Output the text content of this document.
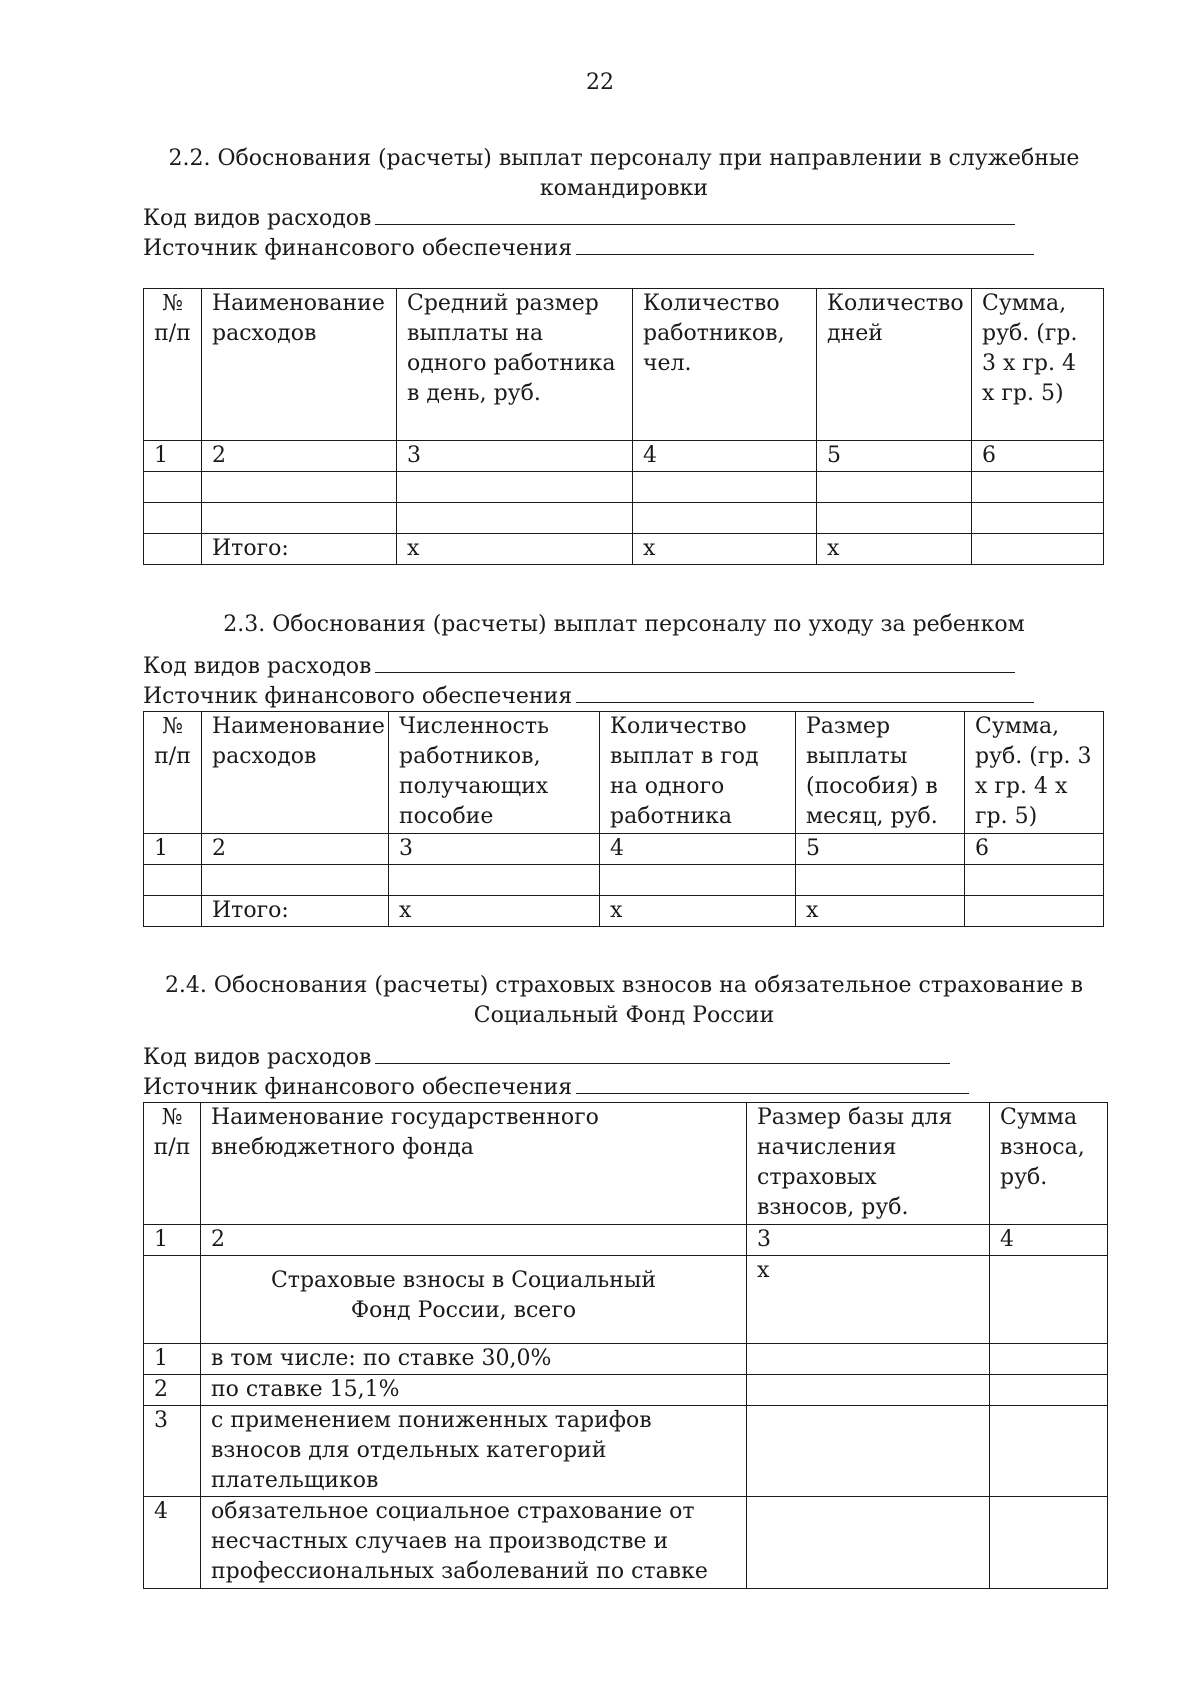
22
2.2. Обоснования (расчеты) выплат персоналу при направлении в служебные
командировки
Код видов расходов
Источник финансового обеспечения
№ п/п	Наименование расходов	Средний размер выплаты на одного работника в день, руб.	Количество работников, чел.	Количество дней	Сумма, руб. (гр. 3 х гр. 4 х гр. 5)
1	2	3	4	5	6

	Итого:	x	x	x	
2.3. Обоснования (расчеты) выплат персоналу по уходу за ребенком
Код видов расходов
Источник финансового обеспечения
№ п/п	Наименование расходов	Численность работников, получающих пособие	Количество выплат в год на одного работника	Размер выплаты (пособия) в месяц, руб.	Сумма, руб. (гр. 3 х гр. 4 х гр. 5)
1	2	3	4	5	6

	Итого:	x	x	x	
2.4. Обоснования (расчеты) страховых взносов на обязательное страхование в
Социальный Фонд России
Код видов расходов
Источник финансового обеспечения
№ п/п	Наименование государственного внебюджетного фонда	Размер базы для начисления страховых взносов, руб.	Сумма взноса, руб.
1	2	3	4
	Страховые взносы в Социальный Фонд России, всего	x	
1	в том числе: по ставке 30,0%		
2	по ставке 15,1%		
3	с применением пониженных тарифов взносов для отдельных категорий плательщиков		
4	обязательное социальное страхование от несчастных случаев на производстве и профессиональных заболеваний по ставке		
